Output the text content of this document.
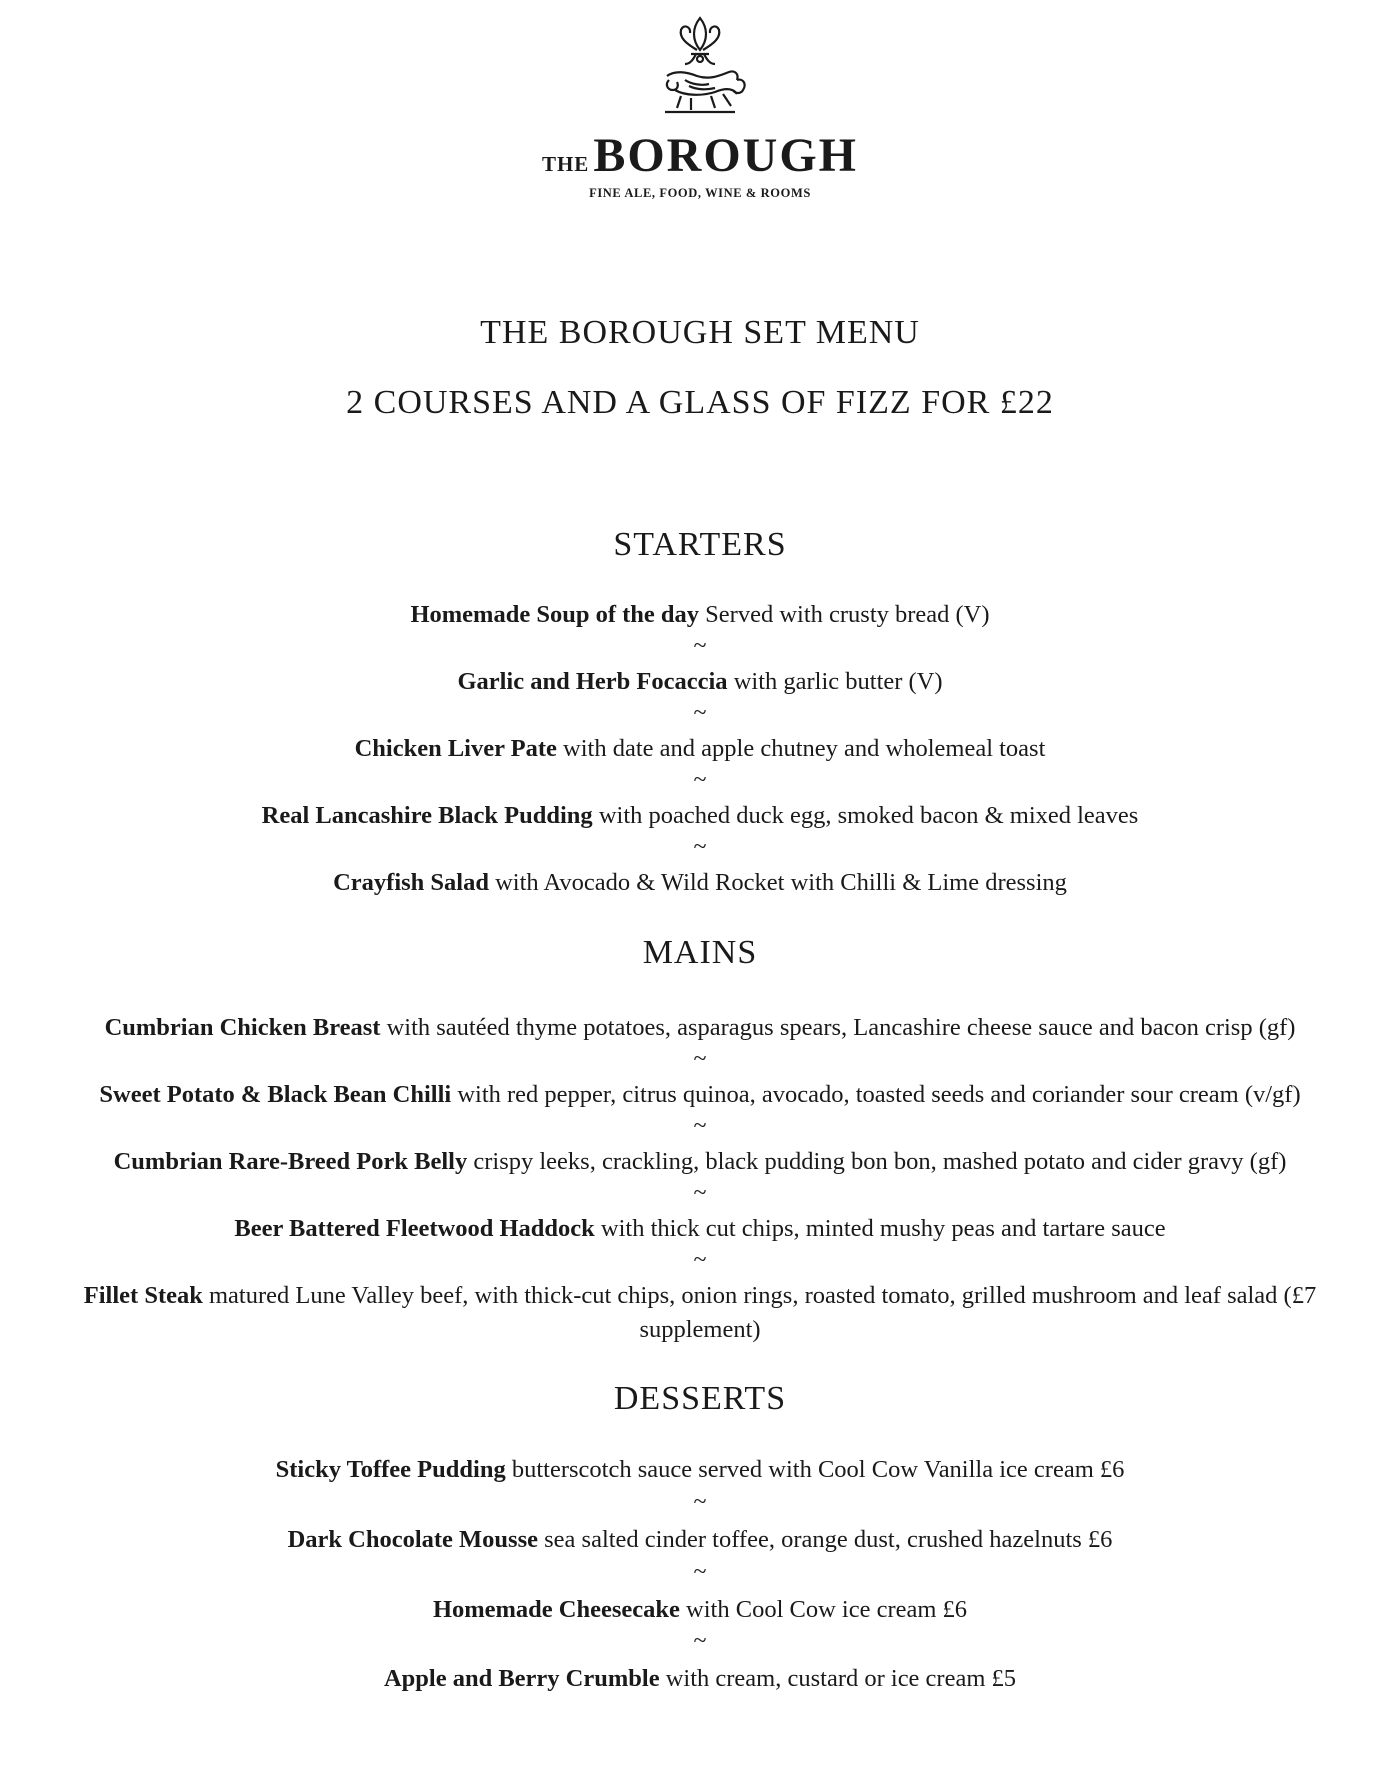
THEBOROUGH
FINE ALE, FOOD, WINE & ROOMS
THE BOROUGH SET MENU
2 COURSES AND A GLASS OF FIZZ FOR £22
STARTERS
Homemade Soup of the day Served with crusty bread (V)
~
Garlic and Herb Focaccia with garlic butter (V)
~
Chicken Liver Pate with date and apple chutney and wholemeal toast
~
Real Lancashire Black Pudding with poached duck egg, smoked bacon & mixed leaves
~
Crayfish Salad with Avocado & Wild Rocket with Chilli & Lime dressing
MAINS
Cumbrian Chicken Breast with sautéed thyme potatoes, asparagus spears, Lancashire cheese sauce and bacon crisp (gf)
~
Sweet Potato & Black Bean Chilli with red pepper, citrus quinoa, avocado, toasted seeds and coriander sour cream (v/gf)
~
Cumbrian Rare-Breed Pork Belly crispy leeks, crackling, black pudding bon bon, mashed potato and cider gravy (gf)
~
Beer Battered Fleetwood Haddock with thick cut chips, minted mushy peas and tartare sauce
~
Fillet Steak matured Lune Valley beef, with thick-cut chips, onion rings, roasted tomato, grilled mushroom and leaf salad (£7
supplement)
DESSERTS
Sticky Toffee Pudding butterscotch sauce served with Cool Cow Vanilla ice cream £6
~
Dark Chocolate Mousse sea salted cinder toffee, orange dust, crushed hazelnuts £6
~
Homemade Cheesecake with Cool Cow ice cream £6
~
Apple and Berry Crumble with cream, custard or ice cream £5
